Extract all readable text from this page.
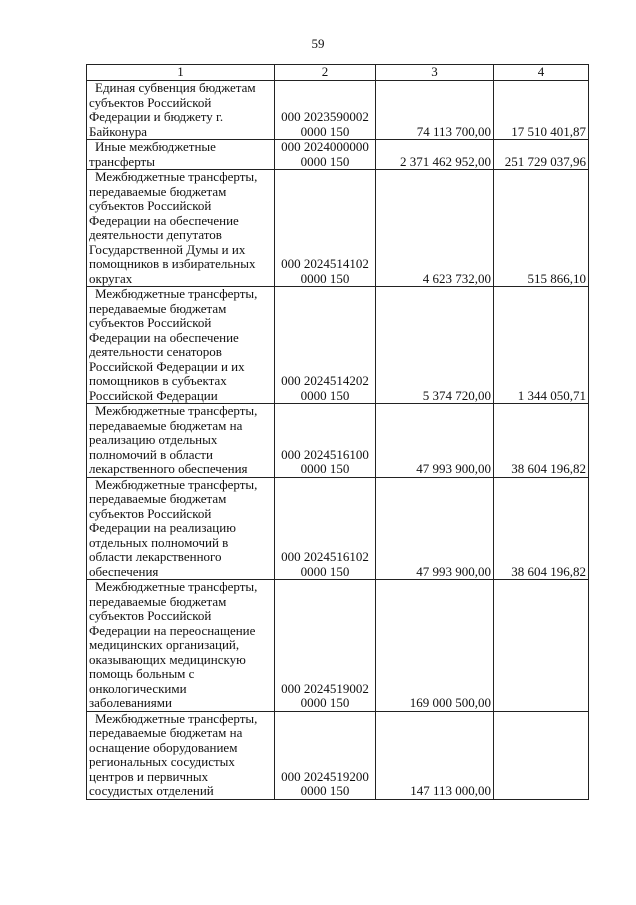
59
1	2	3	4
Единая субвенция бюджетам субъектов Российской Федерации и бюджету г. Байконура	000 2023590002 0000 150	74 113 700,00	17 510 401,87
Иные межбюджетные трансферты	000 2024000000 0000 150	2 371 462 952,00	251 729 037,96
Межбюджетные трансферты, передаваемые бюджетам субъектов Российской Федерации на обеспечение деятельности депутатов Государственной Думы и их помощников в избирательных округах	000 2024514102 0000 150	4 623 732,00	515 866,10
Межбюджетные трансферты, передаваемые бюджетам субъектов Российской Федерации на обеспечение деятельности сенаторов Российской Федерации и их помощников в субъектах Российской Федерации	000 2024514202 0000 150	5 374 720,00	1 344 050,71
Межбюджетные трансферты, передаваемые бюджетам на реализацию отдельных полномочий в области лекарственного обеспечения	000 2024516100 0000 150	47 993 900,00	38 604 196,82
Межбюджетные трансферты, передаваемые бюджетам субъектов Российской Федерации на реализацию отдельных полномочий в области лекарственного обеспечения	000 2024516102 0000 150	47 993 900,00	38 604 196,82
Межбюджетные трансферты, передаваемые бюджетам субъектов Российской Федерации на переоснащение медицинских организаций, оказывающих медицинскую помощь больным с онкологическими заболеваниями	000 2024519002 0000 150	169 000 500,00	
Межбюджетные трансферты, передаваемые бюджетам на оснащение оборудованием региональных сосудистых центров и первичных сосудистых отделений	000 2024519200 0000 150	147 113 000,00	
